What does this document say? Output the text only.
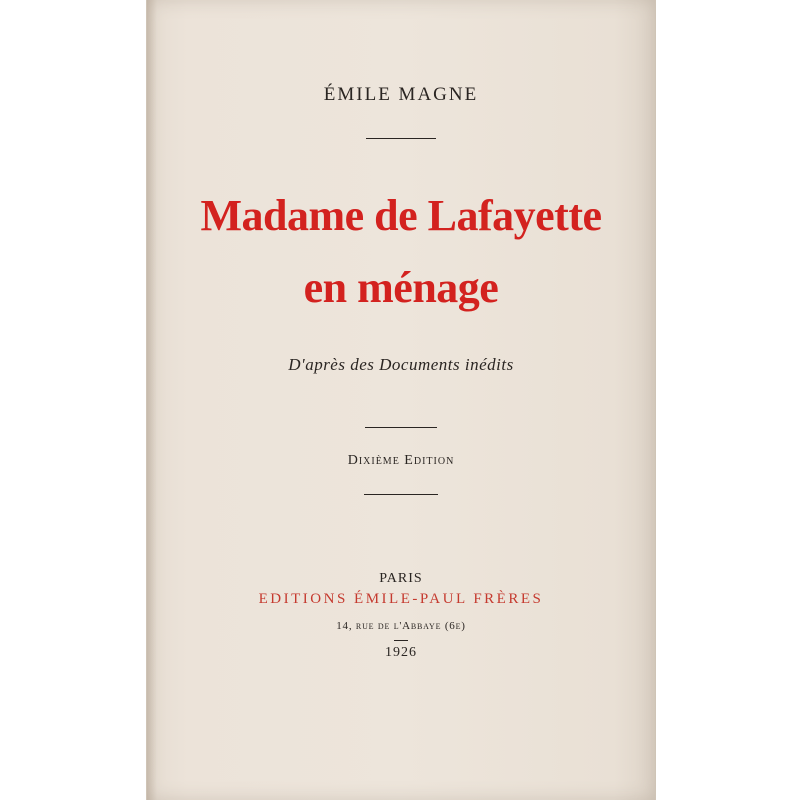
ÉMILE MAGNE
Madame de Lafayette
en ménage
D'après des Documents inédits
Dixième Edition
PARIS
EDITIONS ÉMILE-PAUL FRÈRES
14, rue de l'Abbaye (6e)
1926
